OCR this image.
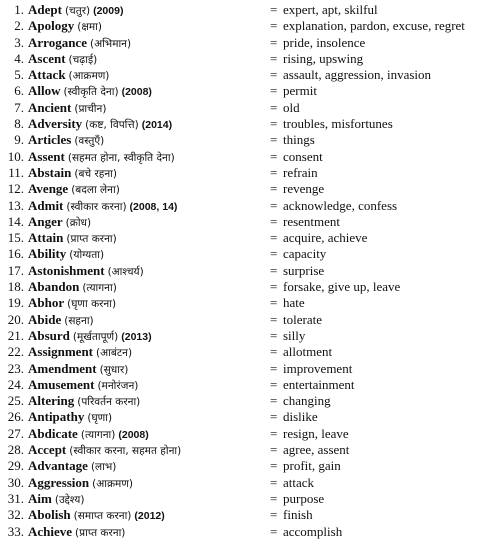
1. Adept (चतुर) (2009)	= expert, apt, skilful
2. Apology (क्षमा)	= explanation, pardon, excuse, regret
3. Arrogance (अभिमान)	= pride, insolence
4. Ascent (चढ़ाई)	= rising, upswing
5. Attack (आक्रमण)	= assault, aggression, invasion
6. Allow (स्वीकृति देना) (2008)	= permit
7. Ancient (प्राचीन)	= old
8. Adversity (कष्ट, विपत्ति) (2014)	= troubles, misfortunes
9. Articles (वस्तुएँ)	= things
10. Assent (सहमत होना, स्वीकृति देना)	= consent
11. Abstain (बचे रहना)	= refrain
12. Avenge (बदला लेना)	= revenge
13. Admit (स्वीकार करना) (2008, 14)	= acknowledge, confess
14. Anger (क्रोध)	= resentment
15. Attain (प्राप्त करना)	= acquire, achieve
16. Ability (योग्यता)	= capacity
17. Astonishment (आश्चर्य)	= surprise
18. Abandon (त्यागना)	= forsake, give up, leave
19. Abhor (घृणा करना)	= hate
20. Abide (सहना)	= tolerate
21. Absurd (मूर्खतापूर्ण) (2013)	= silly
22. Assignment (आबंटन)	= allotment
23. Amendment (सुधार)	= improvement
24. Amusement (मनोरंजन)	= entertainment
25. Altering (परिवर्तन करना)	= changing
26. Antipathy (घृणा)	= dislike
27. Abdicate (त्यागना) (2008)	= resign, leave
28. Accept (स्वीकार करना, सहमत होना)	= agree, assent
29. Advantage (लाभ)	= profit, gain
30. Aggression (आक्रमण)	= attack
31. Aim (उद्देश्य)	= purpose
32. Abolish (समाप्त करना) (2012)	= finish
33. Achieve (प्राप्त करना)	= accomplish
